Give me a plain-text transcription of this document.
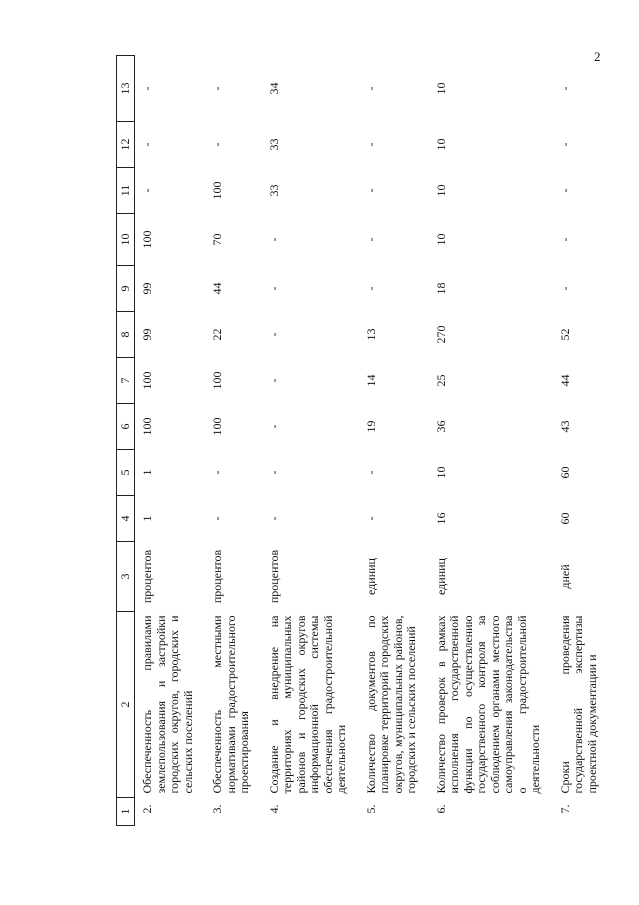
2
1	2	3	4	5	6	7	8	9	10	11	12	13
2.	Обеспеченность правилами землепользования и застройки городских округов, городских и сельских поселений	процентов	1	1	100	100	99	99	100	-	-	-
3.	Обеспеченность местными нормативами градостроительного проектирования	процентов	-	-	100	100	22	44	70	100	-	-
4.	Создание и внедрение на территориях муниципальных районов и городских округов информационной системы обеспечения градостроительной деятельности	процентов	-	-	-	-	-	-	-	33	33	34
5.	Количество документов по планировке территорий городских округов, муниципальных районов, городских и сельских поселений	единиц	-	-	19	14	13	-	-	-	-	-
6.	Количество проверок в рамках исполнения государственной функции по осуществлению государственного контроля за соблюдением органами местного самоуправления законодательства о градостроительной деятельности	единиц	16	10	36	25	270	18	10	10	10	10
7.	Сроки проведения государственной экспертизы проектной документации и	дней	60	60	43	44	52	-	-	-	-	-
